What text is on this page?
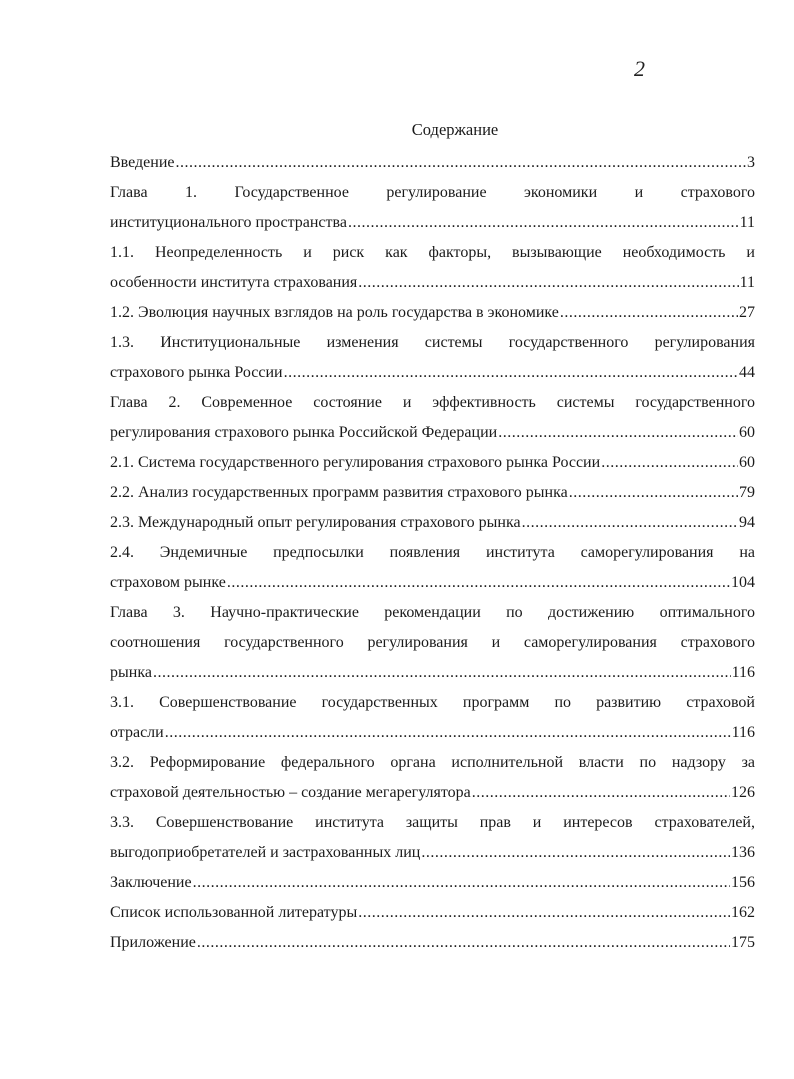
2
Содержание
Введение .....	3
Глава 1. Государственное регулирование экономики и страхового
институционального пространства .....	11
1.1. Неопределенность и риск как факторы, вызывающие необходимость и
особенности института страхования .....	11
1.2. Эволюция научных взглядов на роль государства в экономике .....	27
1.3. Институциональные изменения системы государственного регулирования
страхового рынка России .....	44
Глава 2. Современное состояние и эффективность системы государственного
регулирования страхового рынка Российской Федерации .....	60
2.1. Система государственного регулирования страхового рынка России .....	60
2.2. Анализ государственных программ развития страхового рынка .....	79
2.3. Международный опыт регулирования страхового рынка .....	94
2.4. Эндемичные предпосылки появления института саморегулирования на
страховом рынке .....	104
Глава 3. Научно-практические рекомендации по достижению оптимального
соотношения государственного регулирования и саморегулирования страхового
рынка .....	116
3.1. Совершенствование государственных программ по развитию страховой
отрасли .....	116
3.2. Реформирование федерального органа исполнительной власти по надзору за
страховой деятельностью – создание мегарегулятора .....	126
3.3. Совершенствование института защиты прав и интересов страхователей,
выгодоприобретателей и застрахованных лиц .....	136
Заключение .....	156
Список использованной литературы .....	162
Приложение .....	175
